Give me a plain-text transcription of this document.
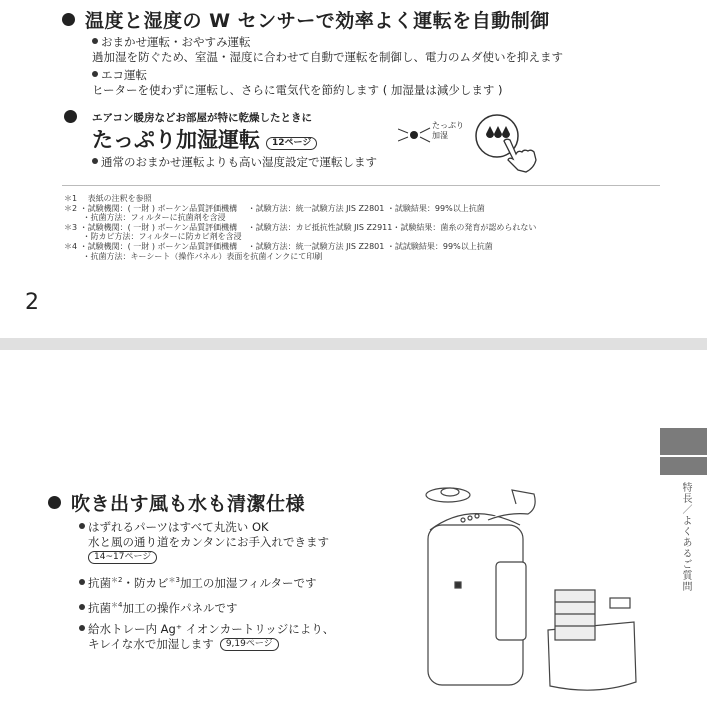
温度と湿度の W センサーで効率よく運転を自動制御
おまかせ運転・おやすみ運転
過加湿を防ぐため、室温・湿度に合わせて自動で運転を制御し、電力のムダ使いを抑えます
エコ運転
ヒーターを使わずに運転し、さらに電気代を節約します ( 加湿量は減少します )
エアコン暖房などお部屋が特に乾燥したときに
たっぷり加湿運転 12ページ
通常のおまかせ運転よりも高い湿度設定で運転します
たっぷり
加湿
＊1　 表紙の注釈を参照
＊2 ・試験機関：( 一財 ) ボーケン品質評価機構　 ・試験方法：統一試験方法 JIS Z2801 ・試験結果：99%以上抗菌
　　 ・抗菌方法：フィルターに抗菌剤を含浸
＊3 ・試験機関：( 一財 ) ボーケン品質評価機構　 ・試験方法：カビ抵抗性試験 JIS Z2911・試験結果：菌糸の発育が認められない
　　 ・防カビ方法：フィルターに防カビ剤を含浸
＊4 ・試験機関：( 一財 ) ボーケン品質評価機構　 ・試験方法：統一試験方法 JIS Z2801 ・試試験結果：99%以上抗菌
　　 ・抗菌方法：キーシート（操作パネル）表面を抗菌インクにて印刷
2
吹き出す風も水も清潔仕様
はずれるパーツはすべて丸洗い OK
水と風の通り道をカンタンにお手入れできます
14~17ページ
抗菌$^{*2}$・防カビ$^{*3}$加工の加湿フィルターです
抗菌$^{*4}$加工の操作パネルです
給水トレー内 Ag⁺ イオンカートリッジにより、
キレイな水で加湿します 9,19ページ
特長／よくあるご質問
